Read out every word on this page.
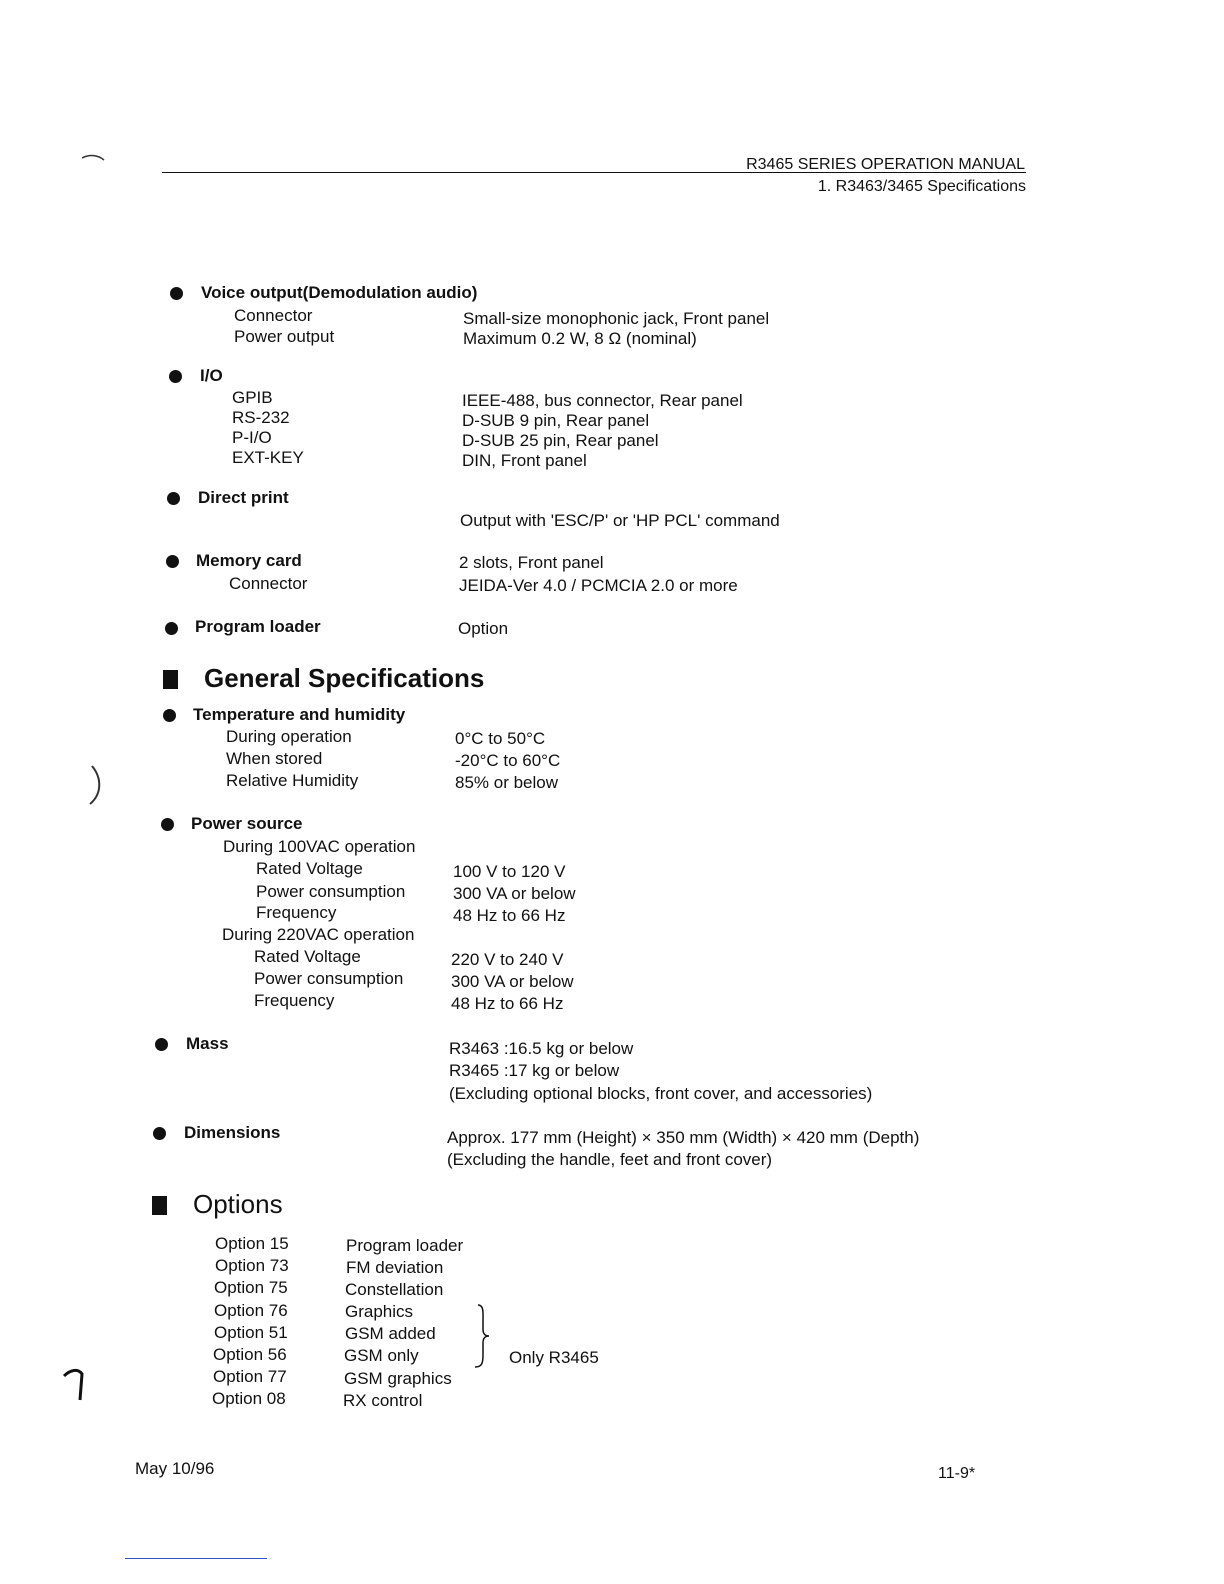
R3465 SERIES OPERATION MANUAL
1. R3463/3465 Specifications
Voice output(Demodulation audio)
Connector	Small-size monophonic jack, Front panel
Power output	Maximum 0.2 W, 8 Ω (nominal)
I/O
GPIB	IEEE-488, bus connector, Rear panel
RS-232	D-SUB 9 pin, Rear panel
P-I/O	D-SUB 25 pin, Rear panel
EXT-KEY	DIN, Front panel
Direct print
Output with 'ESC/P' or 'HP PCL' command
Memory card	2 slots, Front panel
Connector	JEIDA-Ver 4.0 / PCMCIA 2.0 or more
Program loader	Option
General Specifications
Temperature and humidity
During operation	0°C to 50°C
When stored	-20°C to 60°C
Relative Humidity	85% or below
Power source
During 100VAC operation
Rated Voltage	100 V to 120 V
Power consumption	300 VA or below
Frequency	48 Hz to 66 Hz
During 220VAC operation
Rated Voltage	220 V to 240 V
Power consumption	300 VA or below
Frequency	48 Hz to 66 Hz
Mass	R3463 :16.5 kg or below
R3465 :17 kg or below
(Excluding optional blocks, front cover, and accessories)
Dimensions	Approx. 177 mm (Height) × 350 mm (Width) × 420 mm (Depth)
(Excluding the handle, feet and front cover)
Options
Option 15	Program loader
Option 73	FM deviation
Option 75	Constellation
Option 76	Graphics
Option 51	GSM added
Option 56	GSM only
Option 77	GSM graphics
Option 08	RX control
Only R3465
May 10/96	11-9*
